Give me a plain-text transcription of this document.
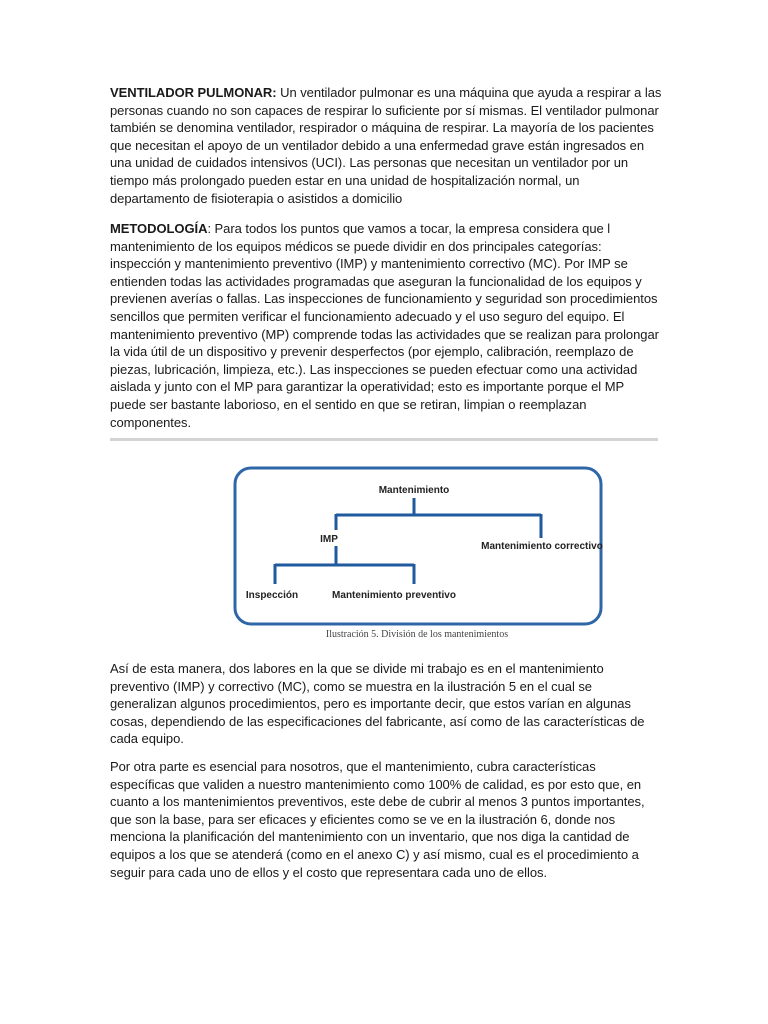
VENTILADOR PULMONAR: Un ventilador pulmonar es una máquina que ayuda a respirar a las personas cuando no son capaces de respirar lo suficiente por sí mismas. El ventilador pulmonar también se denomina ventilador, respirador o máquina de respirar. La mayoría de los pacientes que necesitan el apoyo de un ventilador debido a una enfermedad grave están ingresados en una unidad de cuidados intensivos (UCI). Las personas que necesitan un ventilador por un tiempo más prolongado pueden estar en una unidad de hospitalización normal, un departamento de fisioterapia o asistidos a domicilio

METODOLOGÍA: Para todos los puntos que vamos a tocar, la empresa considera que l mantenimiento de los equipos médicos se puede dividir en dos principales categorías: inspección y mantenimiento preventivo (IMP) y mantenimiento correctivo (MC). Por IMP se entienden todas las actividades programadas que aseguran la funcionalidad de los equipos y previenen averías o fallas. Las inspecciones de funcionamiento y seguridad son procedimientos sencillos que permiten verificar el funcionamiento adecuado y el uso seguro del equipo. El mantenimiento preventivo (MP) comprende todas las actividades que se realizan para prolongar la vida útil de un dispositivo y prevenir desperfectos (por ejemplo, calibración, reemplazo de piezas, lubricación, limpieza, etc.). Las inspecciones se pueden efectuar como una actividad aislada y junto con el MP para garantizar la operatividad; esto es importante porque el MP puede ser bastante laborioso, en el sentido en que se retiran, limpian o reemplazan componentes.

Mantenimiento
IMP
Mantenimiento correctivo
Inspección	Mantenimiento preventivo
Ilustración 5. División de los mantenimientos

Así de esta manera, dos labores en la que se divide mi trabajo es en el mantenimiento preventivo (IMP) y correctivo (MC), como se muestra en la ilustración 5 en el cual se generalizan algunos procedimientos, pero es importante decir, que estos varían en algunas cosas, dependiendo de las especificaciones del fabricante, así como de las características de cada equipo.

Por otra parte es esencial para nosotros, que el mantenimiento, cubra características específicas que validen a nuestro mantenimiento como 100% de calidad, es por esto que, en cuanto a los mantenimientos preventivos, este debe de cubrir al menos 3 puntos importantes, que son la base, para ser eficaces y eficientes como se ve en la ilustración 6, donde nos menciona la planificación del mantenimiento con un inventario, que nos diga la cantidad de equipos a los que se atenderá (como en el anexo C) y así mismo, cual es el procedimiento a seguir para cada uno de ellos y el costo que representara cada uno de ellos.
